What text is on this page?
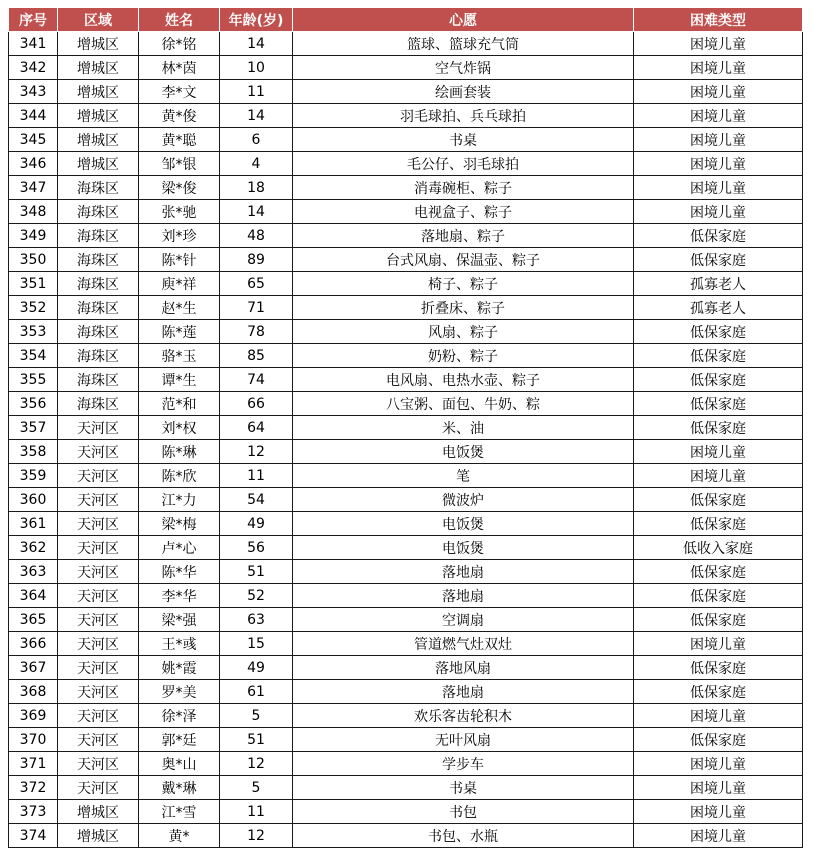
序号	区域	姓名	年龄(岁)	心愿	困难类型
341	增城区	徐*铭	14	篮球、篮球充气筒	困境儿童
342	增城区	林*茵	10	空气炸锅	困境儿童
343	增城区	李*文	11	绘画套装	困境儿童
344	增城区	黄*俊	14	羽毛球拍、兵乓球拍	困境儿童
345	增城区	黄*聪	6	书桌	困境儿童
346	增城区	邹*银	4	毛公仔、羽毛球拍	困境儿童
347	海珠区	梁*俊	18	消毒碗柜、粽子	困境儿童
348	海珠区	张*驰	14	电视盒子、粽子	困境儿童
349	海珠区	刘*珍	48	落地扇、粽子	低保家庭
350	海珠区	陈*针	89	台式风扇、保温壶、粽子	低保家庭
351	海珠区	庾*祥	65	椅子、粽子	孤寡老人
352	海珠区	赵*生	71	折叠床、粽子	孤寡老人
353	海珠区	陈*莲	78	风扇、粽子	低保家庭
354	海珠区	骆*玉	85	奶粉、粽子	低保家庭
355	海珠区	谭*生	74	电风扇、电热水壶、粽子	低保家庭
356	海珠区	范*和	66	八宝粥、面包、牛奶、粽	低保家庭
357	天河区	刘*权	64	米、油	低保家庭
358	天河区	陈*琳	12	电饭煲	困境儿童
359	天河区	陈*欣	11	笔	困境儿童
360	天河区	江*力	54	微波炉	低保家庭
361	天河区	梁*梅	49	电饭煲	低保家庭
362	天河区	卢*心	56	电饭煲	低收入家庭
363	天河区	陈*华	51	落地扇	低保家庭
364	天河区	李*华	52	落地扇	低保家庭
365	天河区	梁*强	63	空调扇	低保家庭
366	天河区	王*彧	15	管道燃气灶双灶	困境儿童
367	天河区	姚*霞	49	落地风扇	低保家庭
368	天河区	罗*美	61	落地扇	低保家庭
369	天河区	徐*泽	5	欢乐客齿轮积木	困境儿童
370	天河区	郭*廷	51	无叶风扇	低保家庭
371	天河区	奥*山	12	学步车	困境儿童
372	天河区	戴*琳	5	书桌	困境儿童
373	增城区	江*雪	11	书包	困境儿童
374	增城区	黄*	12	书包、水瓶	困境儿童
